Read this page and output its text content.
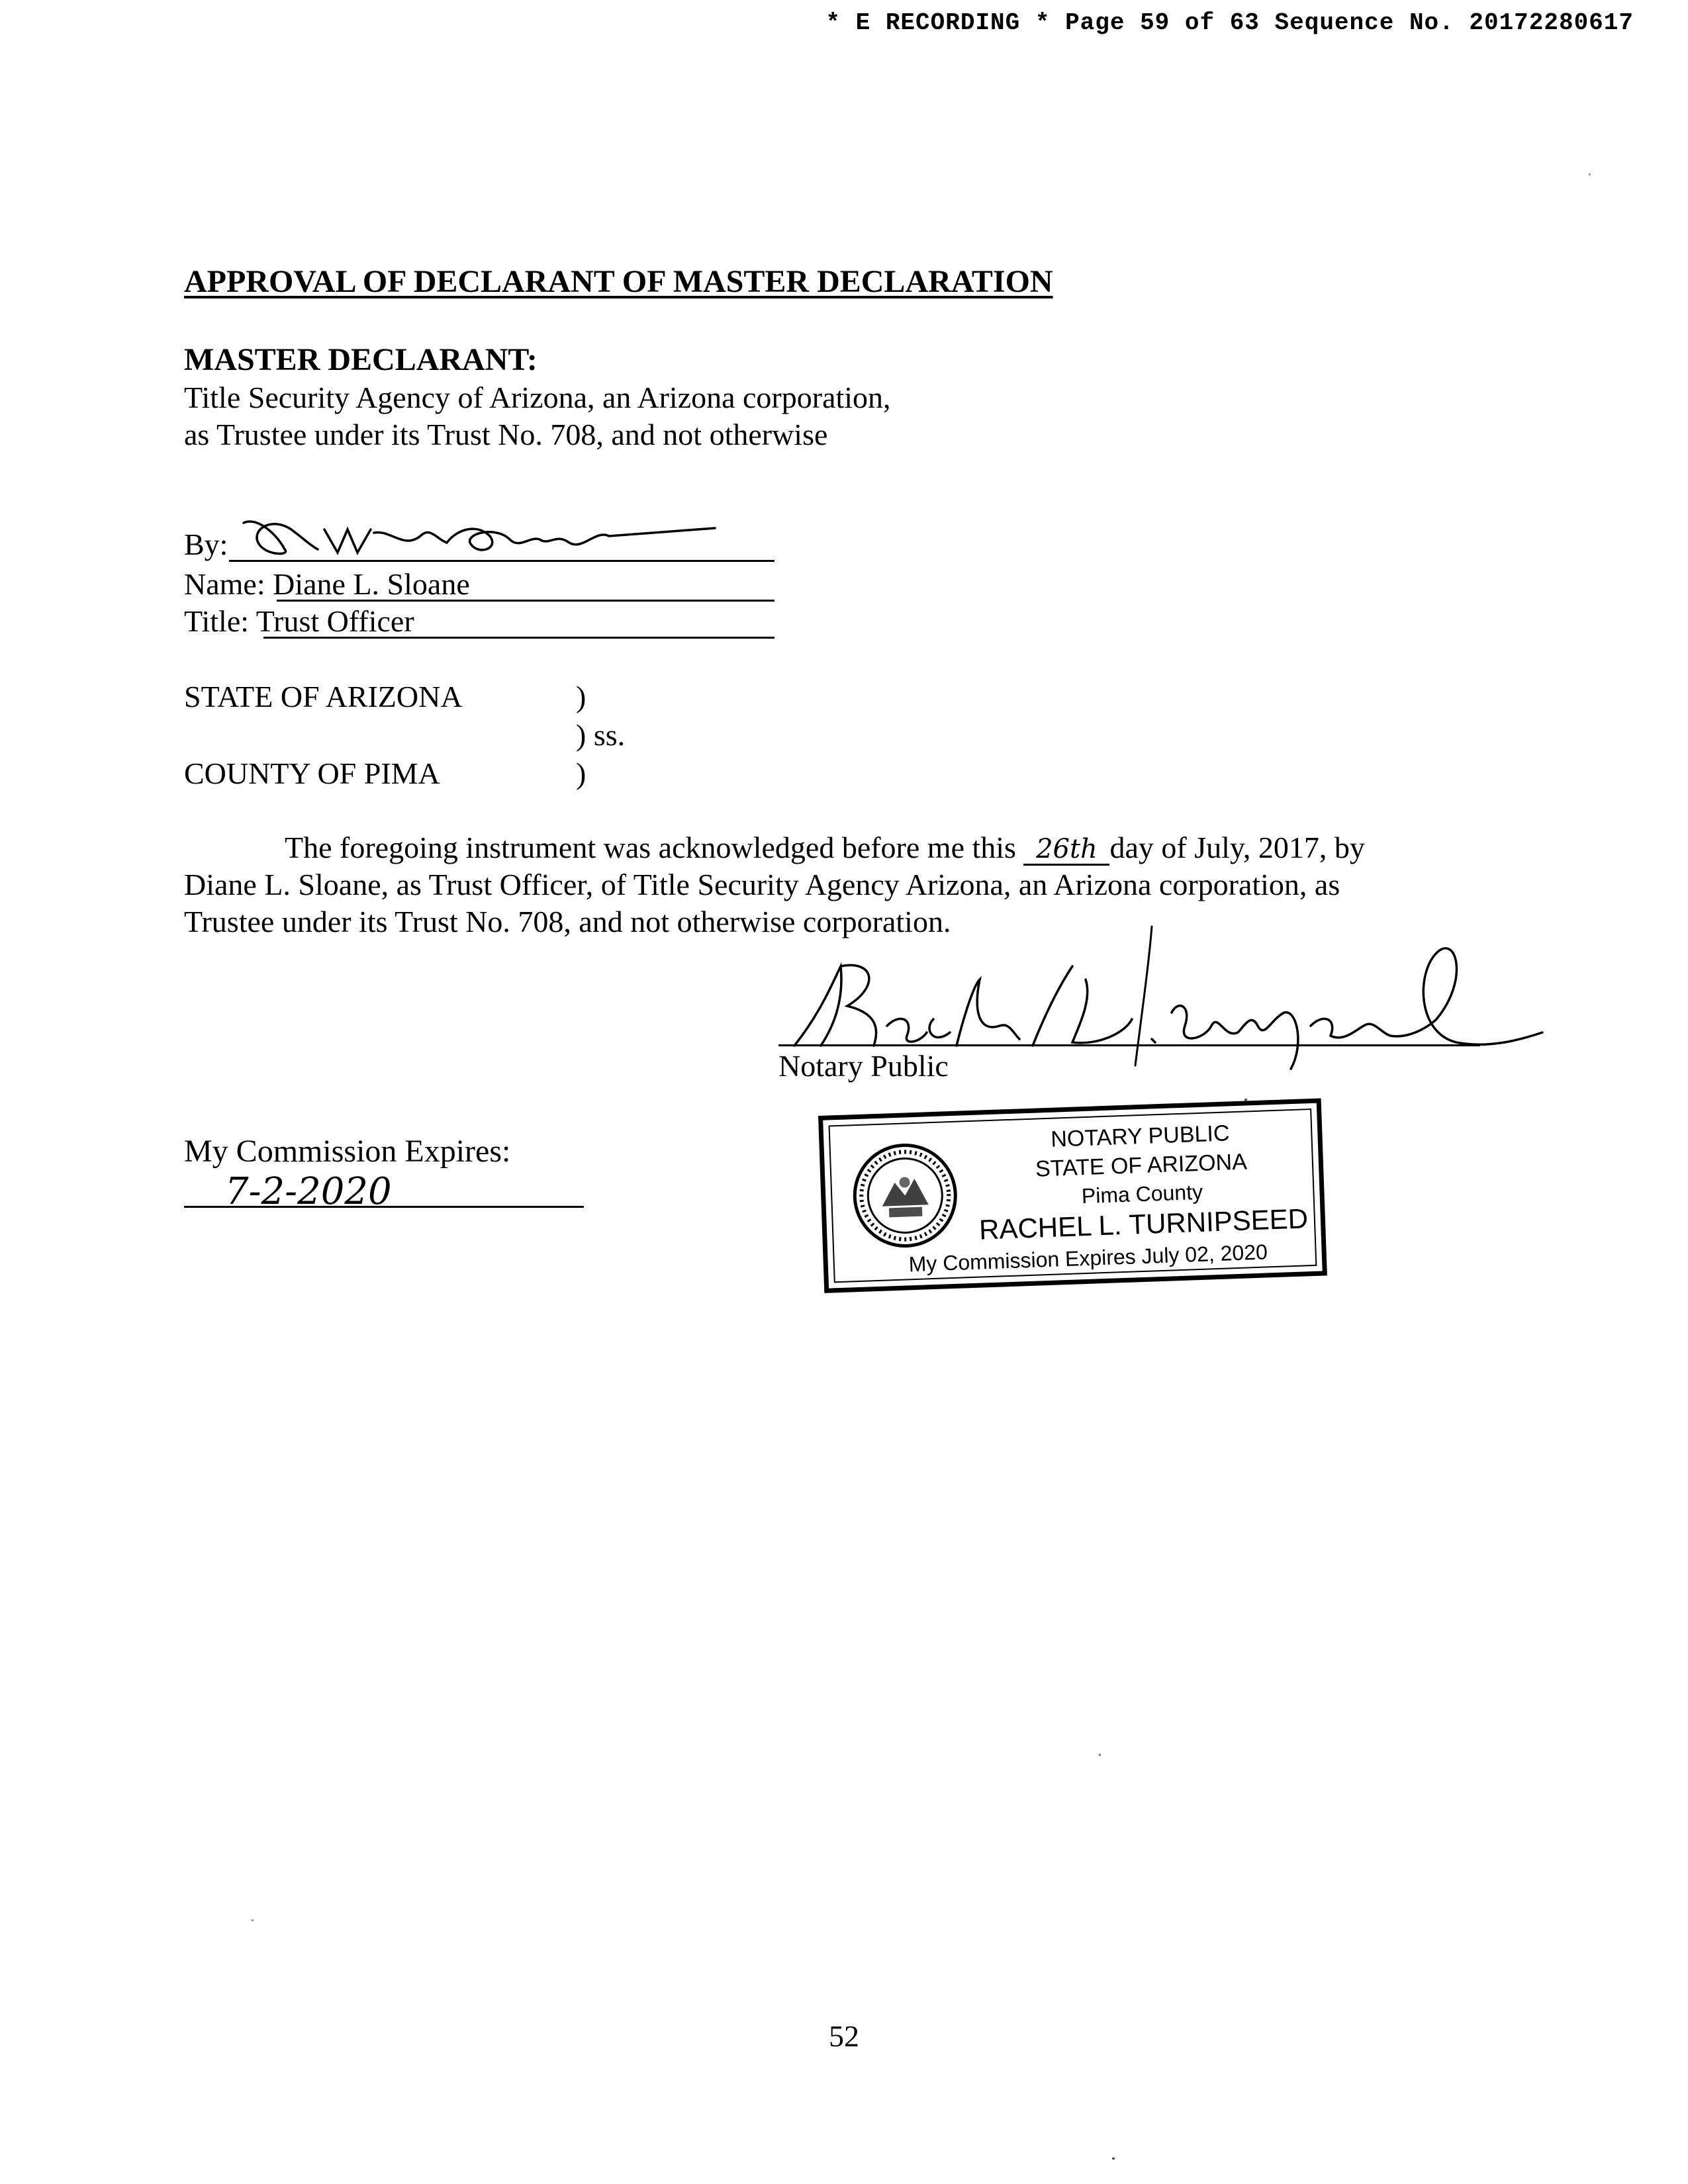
* E RECORDING * Page 59 of 63 Sequence No. 20172280617
APPROVAL OF DECLARANT OF MASTER DECLARATION
MASTER DECLARANT:
Title Security Agency of Arizona, an Arizona corporation,
as Trustee under its Trust No. 708, and not otherwise
By:
Name: Diane L. Sloane
Title: Trust Officer
STATE OF ARIZONA	)
) ss.
COUNTY OF PIMA	)
The foregoing instrument was acknowledged before me this 26th day of July, 2017, by
Diane L. Sloane, as Trust Officer, of Title Security Agency Arizona, an Arizona corporation, as
Trustee under its Trust No. 708, and not otherwise corporation.
Notary Public
My Commission Expires:
7-2-2020
NOTARY PUBLIC
STATE OF ARIZONA
Pima County
RACHEL L. TURNIPSEED
My Commission Expires July 02, 2020
52
